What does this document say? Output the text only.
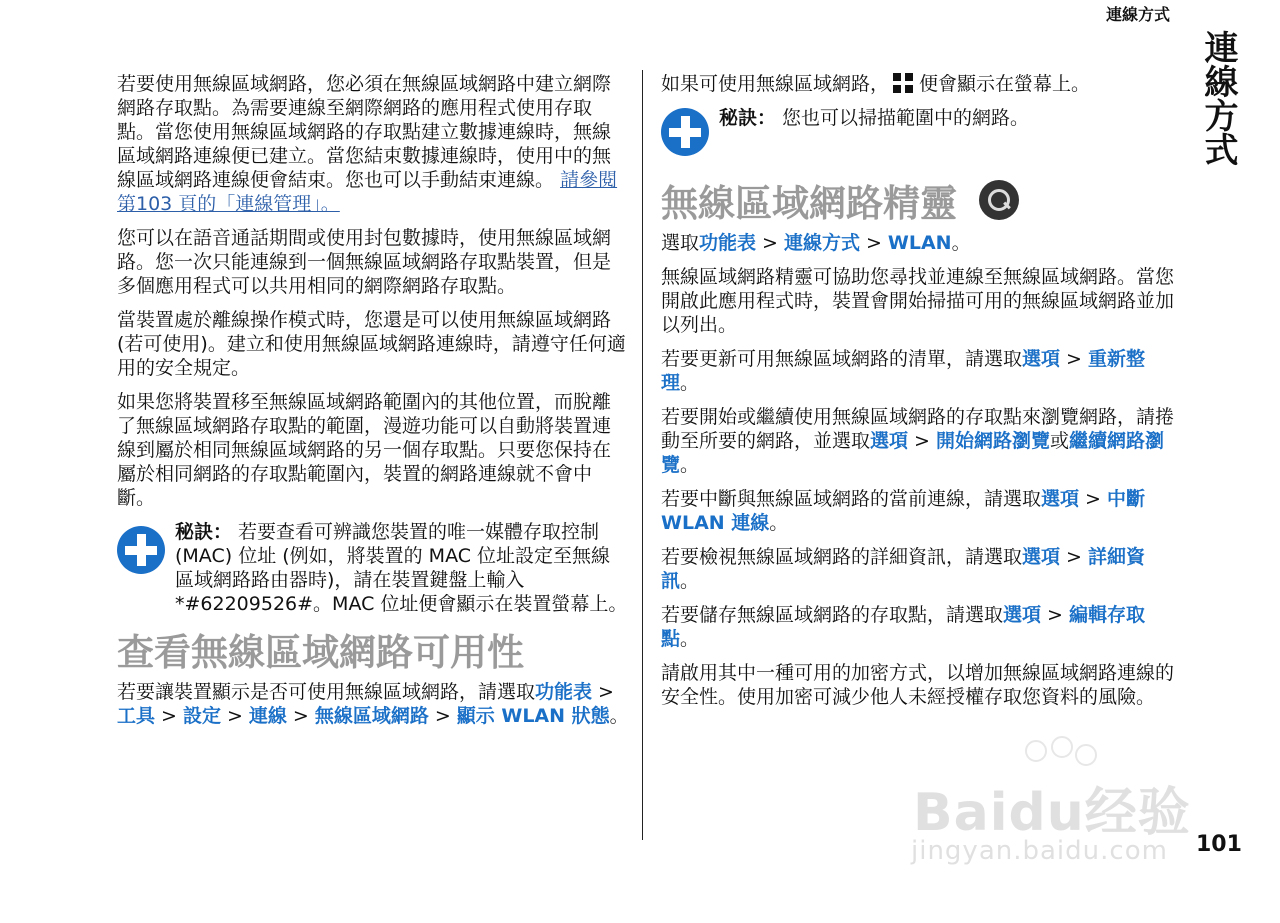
連線方式
連線方式

若要使用無線區域網路，您必須在無線區域網路中建立網際網路存取點。為需要連線至網際網路的應用程式使用存取點。當您使用無線區域網路的存取點建立數據連線時，無線區域網路連線便已建立。當您結束數據連線時，使用中的無線區域網路連線便會結束。您也可以手動結束連線。 請參閱 第103 頁的「連線管理」。

您可以在語音通話期間或使用封包數據時，使用無線區域網路。您一次只能連線到一個無線區域網路存取點裝置，但是多個應用程式可以共用相同的網際網路存取點。

當裝置處於離線操作模式時，您還是可以使用無線區域網路 (若可使用)。建立和使用無線區域網路連線時，請遵守任何適用的安全規定。

如果您將裝置移至無線區域網路範圍內的其他位置，而脫離了無線區域網路存取點的範圍，漫遊功能可以自動將裝置連線到屬於相同無線區域網路的另一個存取點。只要您保持在屬於相同網路的存取點範圍內，裝置的網路連線就不會中斷。

秘訣： 若要查看可辨識您裝置的唯一媒體存取控制 (MAC) 位址 (例如，將裝置的 MAC 位址設定至無線區域網路路由器時)，請在裝置鍵盤上輸入 *#62209526#。MAC 位址便會顯示在裝置螢幕上。
查看無線區域網路可用性

若要讓裝置顯示是否可使用無線區域網路，請選取功能表 >工具 > 設定 > 連線 > 無線區域網路 > 顯示 WLAN 狀態。

如果可使用無線區域網路， 便會顯示在螢幕上。

秘訣： 您也可以掃描範圍中的網路。
無線區域網路精靈

選取功能表 > 連線方式 > WLAN。

無線區域網路精靈可協助您尋找並連線至無線區域網路。當您開啟此應用程式時，裝置會開始掃描可用的無線區域網路並加以列出。

若要更新可用無線區域網路的清單，請選取選項 > 重新整理。

若要開始或繼續使用無線區域網路的存取點來瀏覽網路，請捲動至所要的網路，並選取選項 > 開始網路瀏覽或繼續網路瀏覽。

若要中斷與無線區域網路的當前連線，請選取選項 > 中斷 WLAN 連線。

若要檢視無線區域網路的詳細資訊，請選取選項 > 詳細資訊。

若要儲存無線區域網路的存取點，請選取選項 > 編輯存取點。

請啟用其中一種可用的加密方式，以增加無線區域網路連線的安全性。使用加密可減少他人未經授權存取您資料的風險。

Baidu经验
jingyan.baidu.com 101
